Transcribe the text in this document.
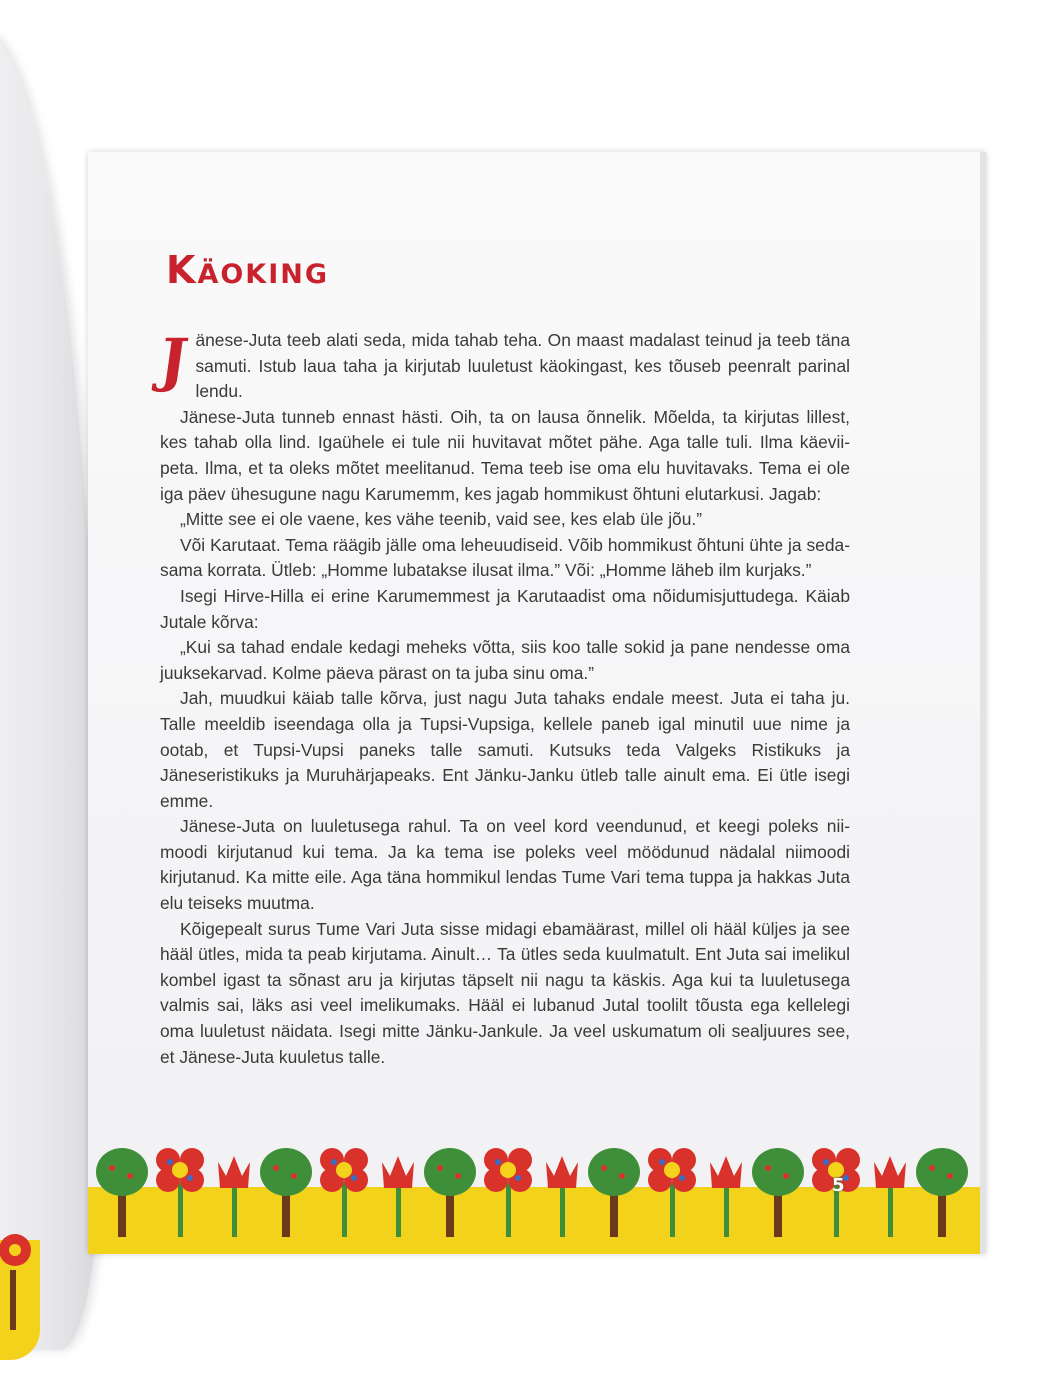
Käoking

Jänese-Juta teeb alati seda, mida tahab teha. On maast madalast teinud ja teeb täna samuti. Istub laua taha ja kirjutab luuletust käokingast, kes tõuseb peenralt parinal lendu.

Jänese-Juta tunneb ennast hästi. Oih, ta on lausa õnnelik. Mõelda, ta kirjutas lillest, kes tahab olla lind. Igaühele ei tule nii huvitavat mõtet pähe. Aga talle tuli. Ilma käevii- peta. Ilma, et ta oleks mõtet meelitanud. Tema teeb ise oma elu huvitavaks. Tema ei ole iga päev ühesugune nagu Karumemm, kes jagab hommikust õhtuni elutarkusi. Jagab:

„Mitte see ei ole vaene, kes vähe teenib, vaid see, kes elab üle jõu.”

Või Karutaat. Tema räägib jälle oma leheuudiseid. Võib hommikust õhtuni ühte ja seda- sama korrata. Ütleb: „Homme lubatakse ilusat ilma.” Või: „Homme läheb ilm kurjaks.”

Isegi Hirve-Hilla ei erine Karumemmest ja Karutaadist oma nõidumisjuttudega. Käiab Jutale kõrva:

„Kui sa tahad endale kedagi meheks võtta, siis koo talle sokid ja pane nendesse oma juuksekarvad. Kolme päeva pärast on ta juba sinu oma.”

Jah, muudkui käiab talle kõrva, just nagu Juta tahaks endale meest. Juta ei taha ju. Talle meeldib iseendaga olla ja Tupsi-Vupsiga, kellele paneb igal minutil uue nime ja ootab, et Tupsi-Vupsi paneks talle samuti. Kutsuks teda Valgeks Ristikuks ja Jäneseristikuks ja Muruhärjapeaks. Ent Jänku-Janku ütleb talle ainult ema. Ei ütle isegi emme.

Jänese-Juta on luuletusega rahul. Ta on veel kord veendunud, et keegi poleks nii- moodi kirjutanud kui tema. Ja ka tema ise poleks veel möödunud nädalal niimoodi kirjutanud. Ka mitte eile. Aga täna hommikul lendas Tume Vari tema tuppa ja hakkas Juta elu teiseks muutma.

Kõigepealt surus Tume Vari Juta sisse midagi ebamäärast, millel oli hääl küljes ja see hääl ütles, mida ta peab kirjutama. Ainult… Ta ütles seda kuulmatult. Ent Juta sai imelikul kombel igast ta sõnast aru ja kirjutas täpselt nii nagu ta käskis. Aga kui ta luuletusega valmis sai, läks asi veel imelikumaks. Hääl ei lubanud Jutal toolilt tõusta ega kellelegi oma luuletust näidata. Isegi mitte Jänku-Jankule. Ja veel uskumatum oli sealjuures see, et Jänese-Juta kuuletus talle.

5
